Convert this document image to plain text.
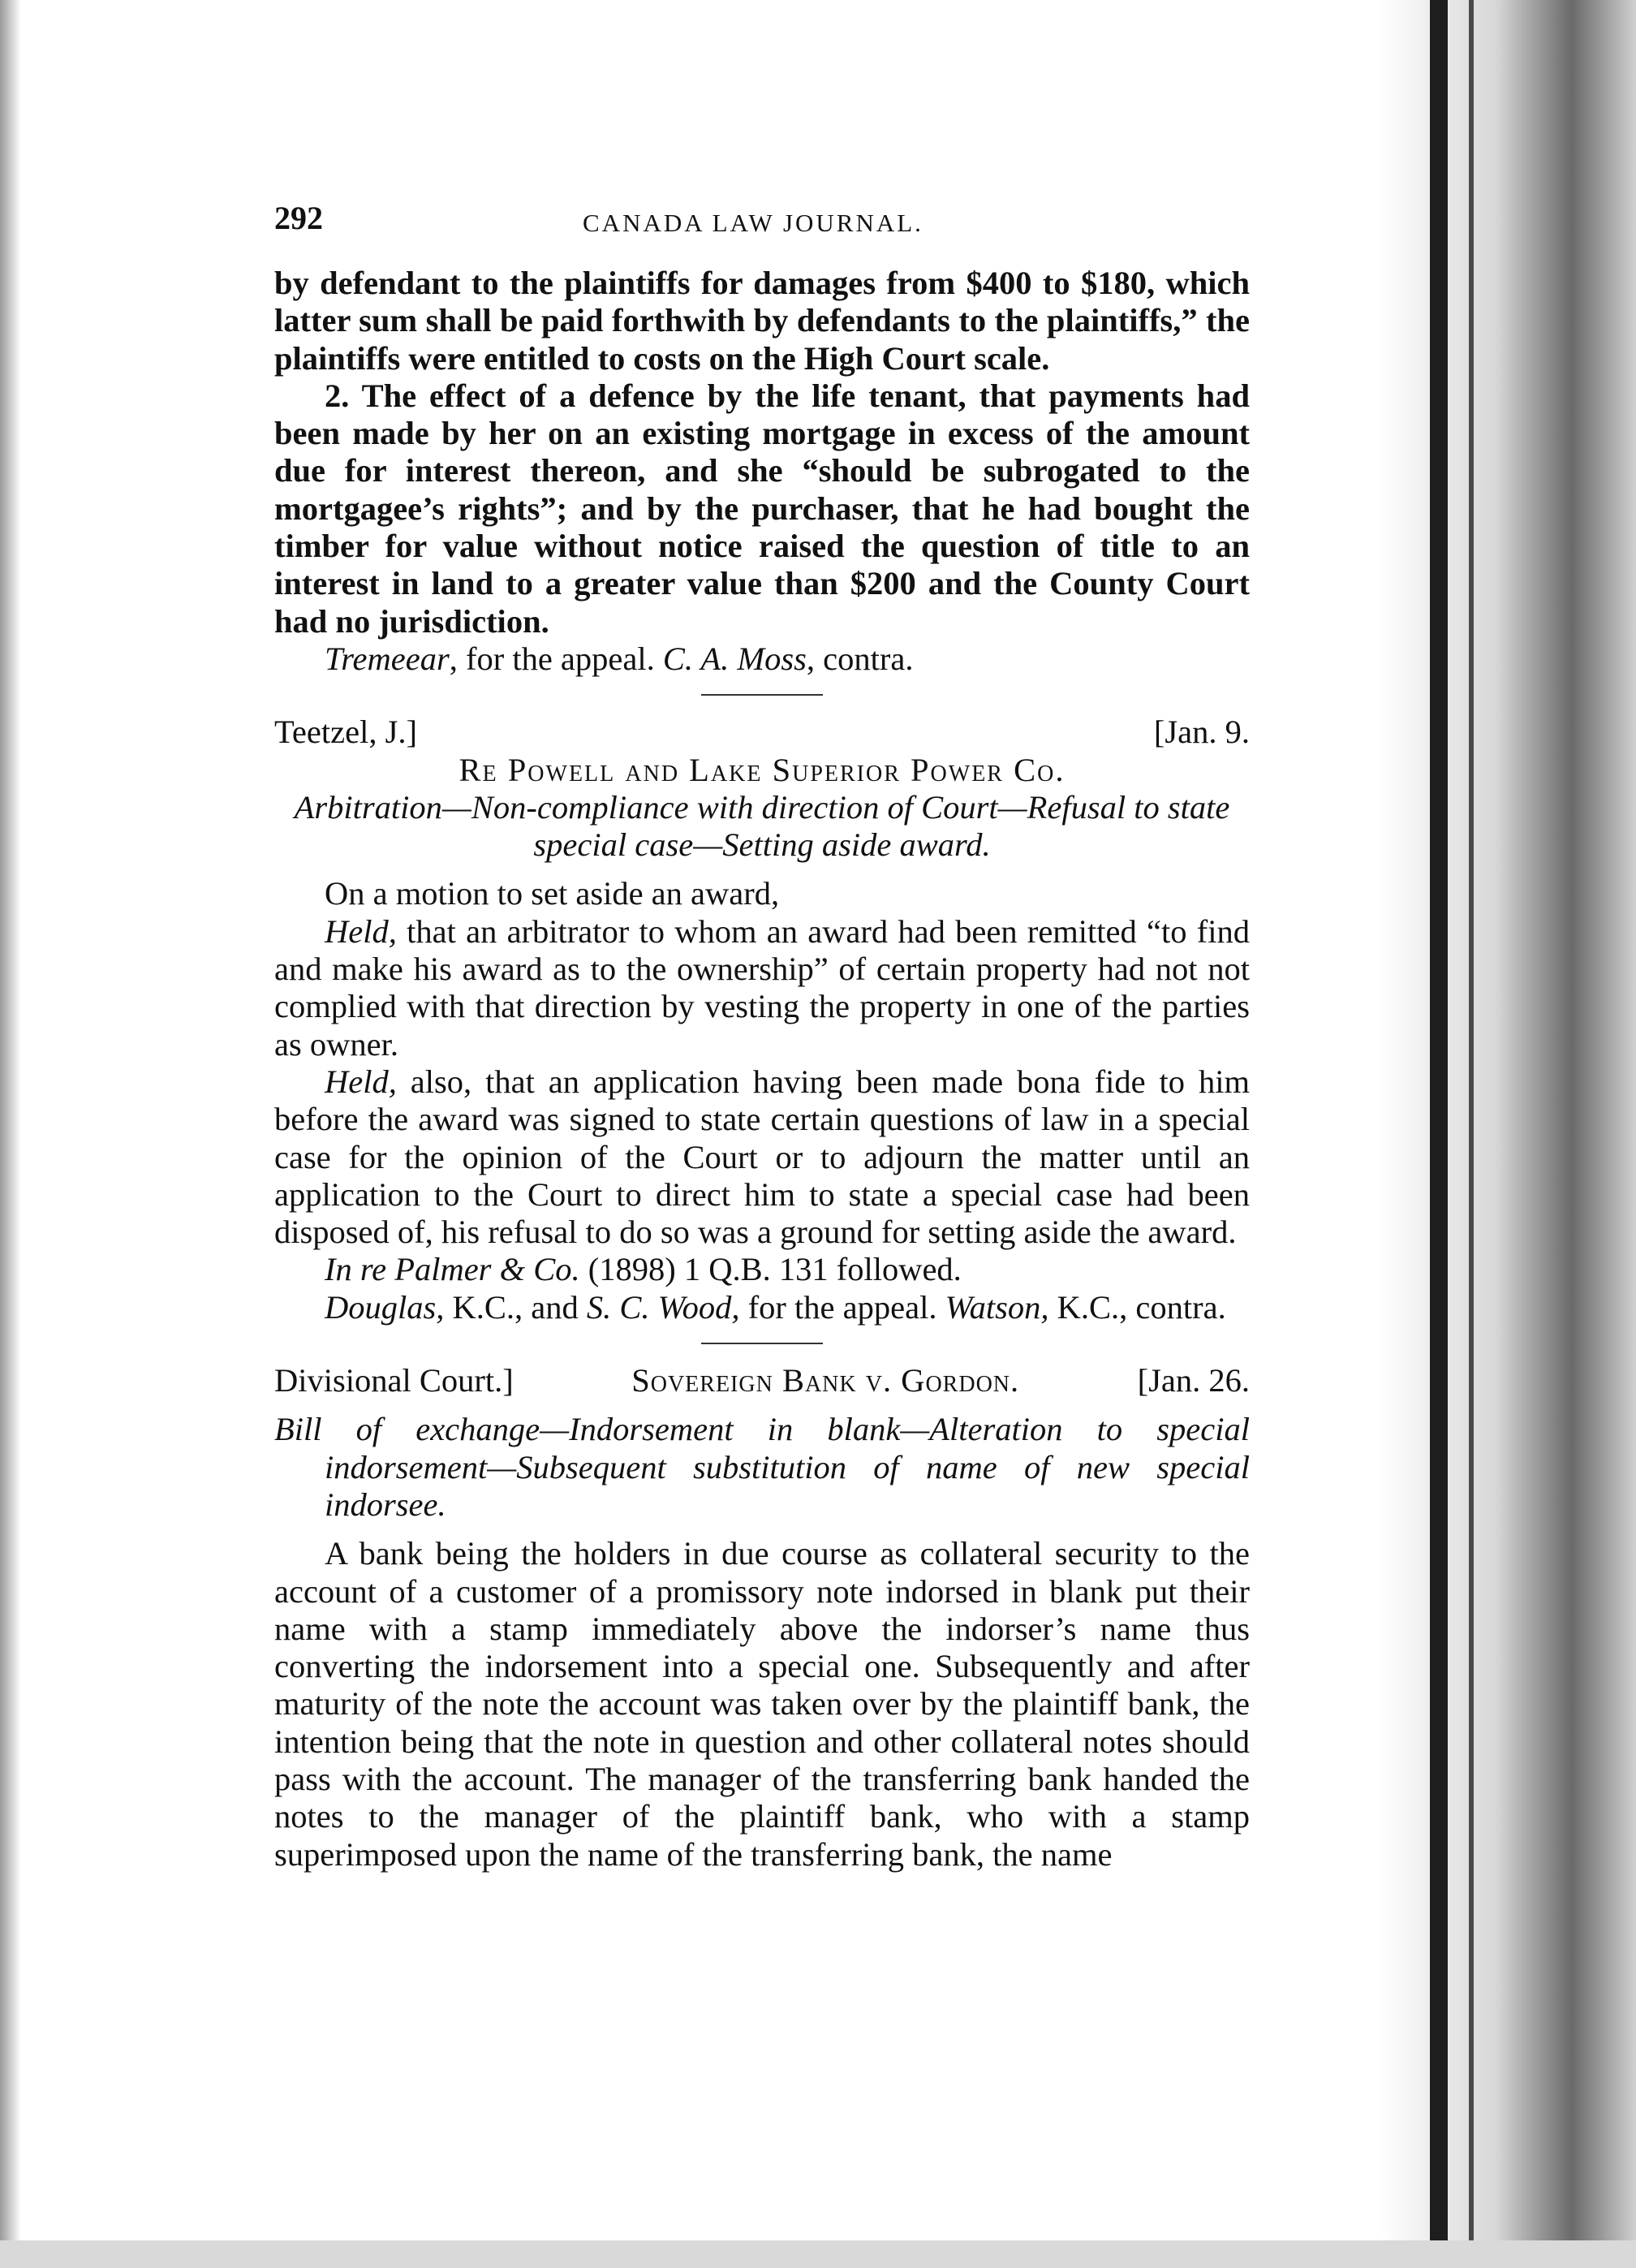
292	CANADA LAW JOURNAL.

by defendant to the plaintiffs for damages from $400 to $180, which latter sum shall be paid forthwith by defendants to the plaintiffs,” the plaintiffs were entitled to costs on the High Court scale.

2. The effect of a defence by the life tenant, that payments had been made by her on an existing mortgage in excess of the amount due for interest thereon, and she “should be subrogated to the mortgagee’s rights”; and by the purchaser, that he had bought the timber for value without notice raised the question of title to an interest in land to a greater value than $200 and the County Court had no jurisdiction.

Tremeear, for the appeal. C. A. Moss, contra.

Teetzel, J.]	[Jan. 9.

Re Powell and Lake Superior Power Co.

Arbitration—Non-compliance with direction of Court—Refusal to state special case—Setting aside award.

On a motion to set aside an award,

Held, that an arbitrator to whom an award had been remitted “to find and make his award as to the ownership” of certain property had not not complied with that direction by vesting the property in one of the parties as owner.

Held, also, that an application having been made bona fide to him before the award was signed to state certain questions of law in a special case for the opinion of the Court or to adjourn the matter until an application to the Court to direct him to state a special case had been disposed of, his refusal to do so was a ground for setting aside the award.

In re Palmer & Co. (1898) 1 Q.B. 131 followed.

Douglas, K.C., and S. C. Wood, for the appeal. Watson, K.C., contra.

Divisional Court.]	Sovereign Bank v. Gordon.	[Jan. 26.

Bill of exchange—Indorsement in blank—Alteration to special indorsement—Subsequent substitution of name of new special indorsee.

A bank being the holders in due course as collateral security to the account of a customer of a promissory note indorsed in blank put their name with a stamp immediately above the indorser’s name thus converting the indorsement into a special one. Subsequently and after maturity of the note the account was taken over by the plaintiff bank, the intention being that the note in question and other collateral notes should pass with the account. The manager of the transferring bank handed the notes to the manager of the plaintiff bank, who with a stamp superimposed upon the name of the transferring bank, the name
